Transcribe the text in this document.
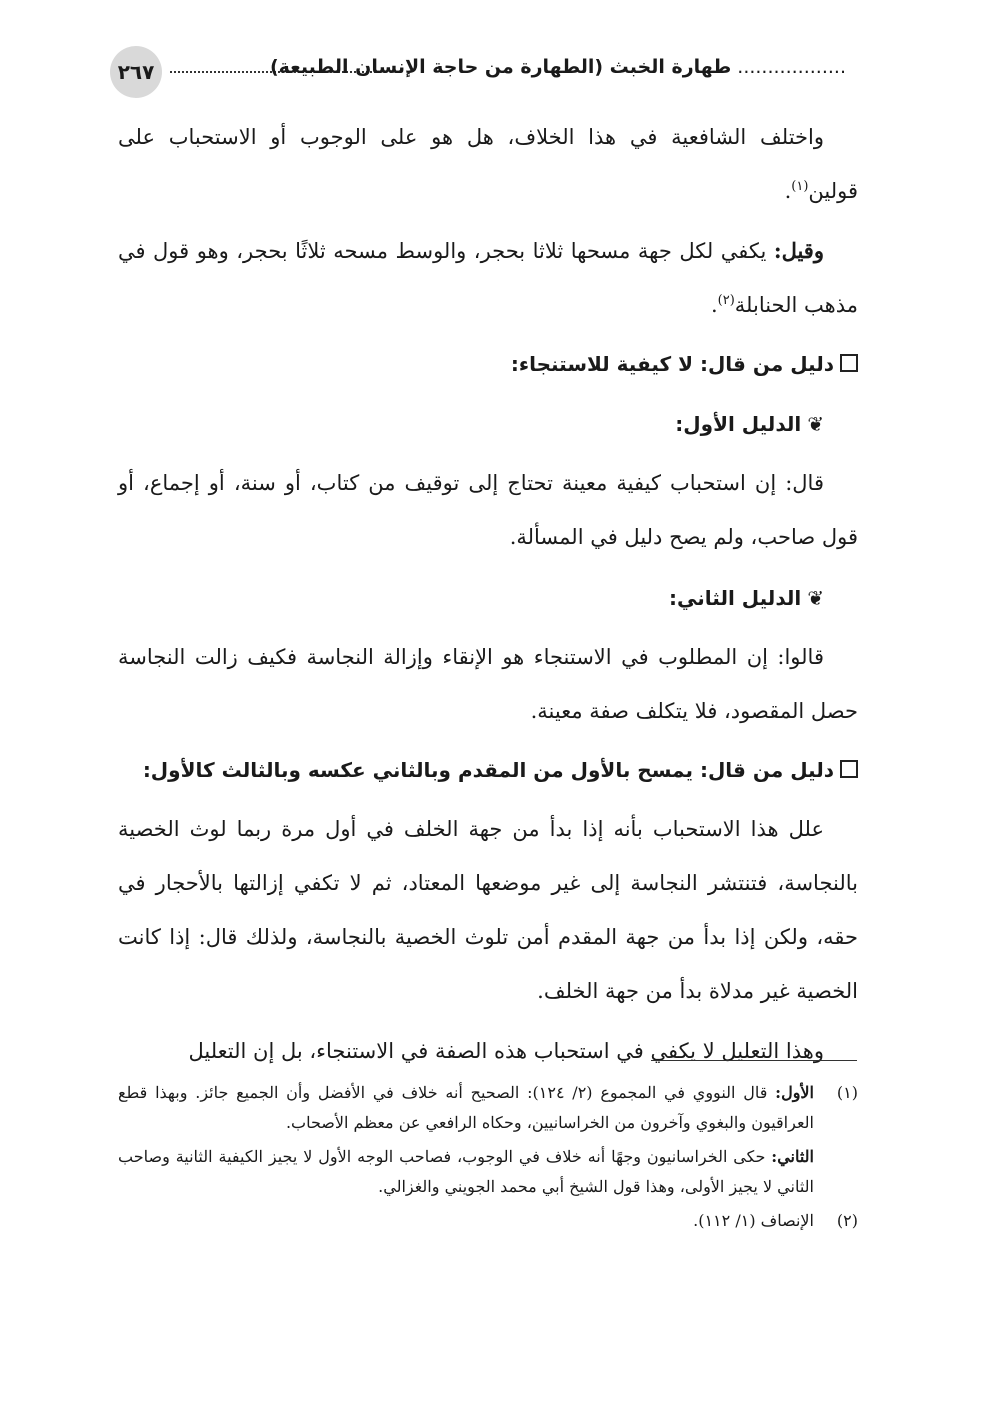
٢٦٧	.................. طهارة الخبث (الطهارة من حاجة الإنسان الطبيعة)

واختلف الشافعية في هذا الخلاف، هل هو على الوجوب أو الاستحباب على قولين$^{(١)}$.

وقيل: يكفي لكل جهة مسحها ثلاثا بحجر، والوسط مسحه ثلاثًا بحجر، وهو قول في مذهب الحنابلة$^{(٢)}$.

دليل من قال: لا كيفية للاستنجاء:
❦الدليل الأول:

قال: إن استحباب كيفية معينة تحتاج إلى توقيف من كتاب، أو سنة، أو إجماع، أو قول صاحب، ولم يصح دليل في المسألة.

❦الدليل الثاني:

قالوا: إن المطلوب في الاستنجاء هو الإنقاء وإزالة النجاسة فكيف زالت النجاسة حصل المقصود، فلا يتكلف صفة معينة.

دليل من قال: يمسح بالأول من المقدم وبالثاني عكسه وبالثالث كالأول:

علل هذا الاستحباب بأنه إذا بدأ من جهة الخلف في أول مرة ربما لوث الخصية بالنجاسة، فتنتشر النجاسة إلى غير موضعها المعتاد، ثم لا تكفي إزالتها بالأحجار في حقه، ولكن إذا بدأ من جهة المقدم أمن تلوث الخصية بالنجاسة، ولذلك قال: إذا كانت الخصية غير مدلاة بدأ من جهة الخلف.

وهذا التعليل لا يكفي في استحباب هذه الصفة في الاستنجاء، بل إن التعليل

(١)
الأول: قال النووي في المجموع (٢/ ١٢٤): الصحيح أنه خلاف في الأفضل وأن الجميع جائز. وبهذا قطع العراقيون والبغوي وآخرون من الخراسانيين، وحكاه الرافعي عن معظم الأصحاب.

الثاني: حكى الخراسانيون وجهًا أنه خلاف في الوجوب، فصاحب الوجه الأول لا يجيز الكيفية الثانية وصاحب الثاني لا يجيز الأولى، وهذا قول الشيخ أبي محمد الجويني والغزالي.

(٢)
الإنصاف (١/ ١١٢).
